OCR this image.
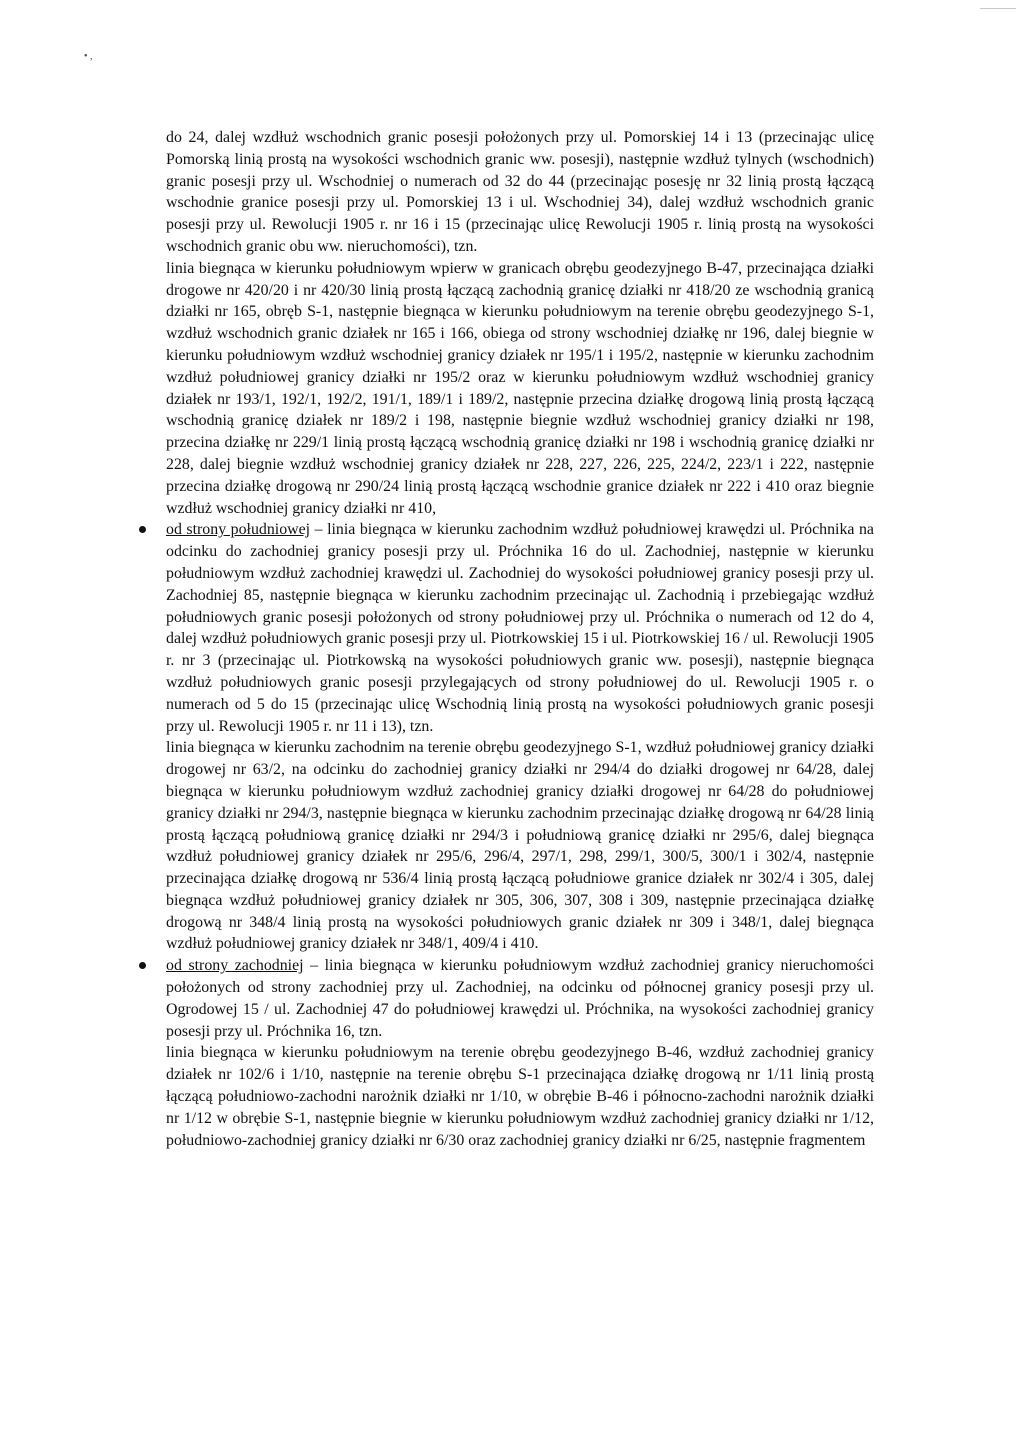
• ,

do 24, dalej wzdłuż wschodnich granic posesji położonych przy ul. Pomorskiej 14 i 13 (przecinając ulicę Pomorską linią prostą na wysokości wschodnich granic ww. posesji), następnie wzdłuż tylnych (wschodnich) granic posesji przy ul. Wschodniej o numerach od 32 do 44 (przecinając posesję nr 32 linią prostą łączącą wschodnie granice posesji przy ul. Pomorskiej 13 i ul. Wschodniej 34), dalej wzdłuż wschodnich granic posesji przy ul. Rewolucji 1905 r. nr 16 i 15 (przecinając ulicę Rewolucji 1905 r. linią prostą na wysokości wschodnich granic obu ww. nieruchomości), tzn.

linia biegnąca w kierunku południowym wpierw w granicach obrębu geodezyjnego B-47, przecinająca działki drogowe nr 420/20 i nr 420/30 linią prostą łączącą zachodnią granicę działki nr 418/20 ze wschodnią granicą działki nr 165, obręb S-1, następnie biegnąca w kierunku południowym na terenie obrębu geodezyjnego S-1, wzdłuż wschodnich granic działek nr 165 i 166, obiega od strony wschodniej działkę nr 196, dalej biegnie w kierunku południowym wzdłuż wschodniej granicy działek nr 195/1 i 195/2, następnie w kierunku zachodnim wzdłuż południowej granicy działki nr 195/2 oraz w kierunku południowym wzdłuż wschodniej granicy działek nr 193/1, 192/1, 192/2, 191/1, 189/1 i 189/2, następnie przecina działkę drogową linią prostą łączącą wschodnią granicę działek nr 189/2 i 198, następnie biegnie wzdłuż wschodniej granicy działki nr 198, przecina działkę nr 229/1 linią prostą łączącą wschodnią granicę działki nr 198 i wschodnią granicę działki nr 228, dalej biegnie wzdłuż wschodniej granicy działek nr 228, 227, 226, 225, 224/2, 223/1 i 222, następnie przecina działkę drogową nr 290/24 linią prostą łączącą wschodnie granice działek nr 222 i 410 oraz biegnie wzdłuż wschodniej granicy działki nr 410,

od strony południowej – linia biegnąca w kierunku zachodnim wzdłuż południowej krawędzi ul. Próchnika na odcinku do zachodniej granicy posesji przy ul. Próchnika 16 do ul. Zachodniej, następnie w kierunku południowym wzdłuż zachodniej krawędzi ul. Zachodniej do wysokości południowej granicy posesji przy ul. Zachodniej 85, następnie biegnąca w kierunku zachodnim przecinając ul. Zachodnią i przebiegając wzdłuż południowych granic posesji położonych od strony południowej przy ul. Próchnika o numerach od 12 do 4, dalej wzdłuż południowych granic posesji przy ul. Piotrkowskiej 15 i ul. Piotrkowskiej 16 / ul. Rewolucji 1905 r. nr 3 (przecinając ul. Piotrkowską na wysokości południowych granic ww. posesji), następnie biegnąca wzdłuż południowych granic posesji przylegających od strony południowej do ul. Rewolucji 1905 r. o numerach od 5 do 15 (przecinając ulicę Wschodnią linią prostą na wysokości południowych granic posesji przy ul. Rewolucji 1905 r. nr 11 i 13), tzn.

linia biegnąca w kierunku zachodnim na terenie obrębu geodezyjnego S-1, wzdłuż południowej granicy działki drogowej nr 63/2, na odcinku do zachodniej granicy działki nr 294/4 do działki drogowej nr 64/28, dalej biegnąca w kierunku południowym wzdłuż zachodniej granicy działki drogowej nr 64/28 do południowej granicy działki nr 294/3, następnie biegnąca w kierunku zachodnim przecinając działkę drogową nr 64/28 linią prostą łączącą południową granicę działki nr 294/3 i południową granicę działki nr 295/6, dalej biegnąca wzdłuż południowej granicy działek nr 295/6, 296/4, 297/1, 298, 299/1, 300/5, 300/1 i 302/4, następnie przecinająca działkę drogową nr 536/4 linią prostą łączącą południowe granice działek nr 302/4 i 305, dalej biegnąca wzdłuż południowej granicy działek nr 305, 306, 307, 308 i 309, następnie przecinająca działkę drogową nr 348/4 linią prostą na wysokości południowych granic działek nr 309 i 348/1, dalej biegnąca wzdłuż południowej granicy działek nr 348/1, 409/4 i 410.

od strony zachodniej – linia biegnąca w kierunku południowym wzdłuż zachodniej granicy nieruchomości położonych od strony zachodniej przy ul. Zachodniej, na odcinku od północnej granicy posesji przy ul. Ogrodowej 15 / ul. Zachodniej 47 do południowej krawędzi ul. Próchnika, na wysokości zachodniej granicy posesji przy ul. Próchnika 16, tzn.

linia biegnąca w kierunku południowym na terenie obrębu geodezyjnego B-46, wzdłuż zachodniej granicy działek nr 102/6 i 1/10, następnie na terenie obrębu S-1 przecinająca działkę drogową nr 1/11 linią prostą łączącą południowo-zachodni narożnik działki nr 1/10, w obrębie B-46 i północno-zachodni narożnik działki nr 1/12 w obrębie S-1, następnie biegnie w kierunku południowym wzdłuż zachodniej granicy działki nr 1/12, południowo-zachodniej granicy działki nr 6/30 oraz zachodniej granicy działki nr 6/25, następnie fragmentem
